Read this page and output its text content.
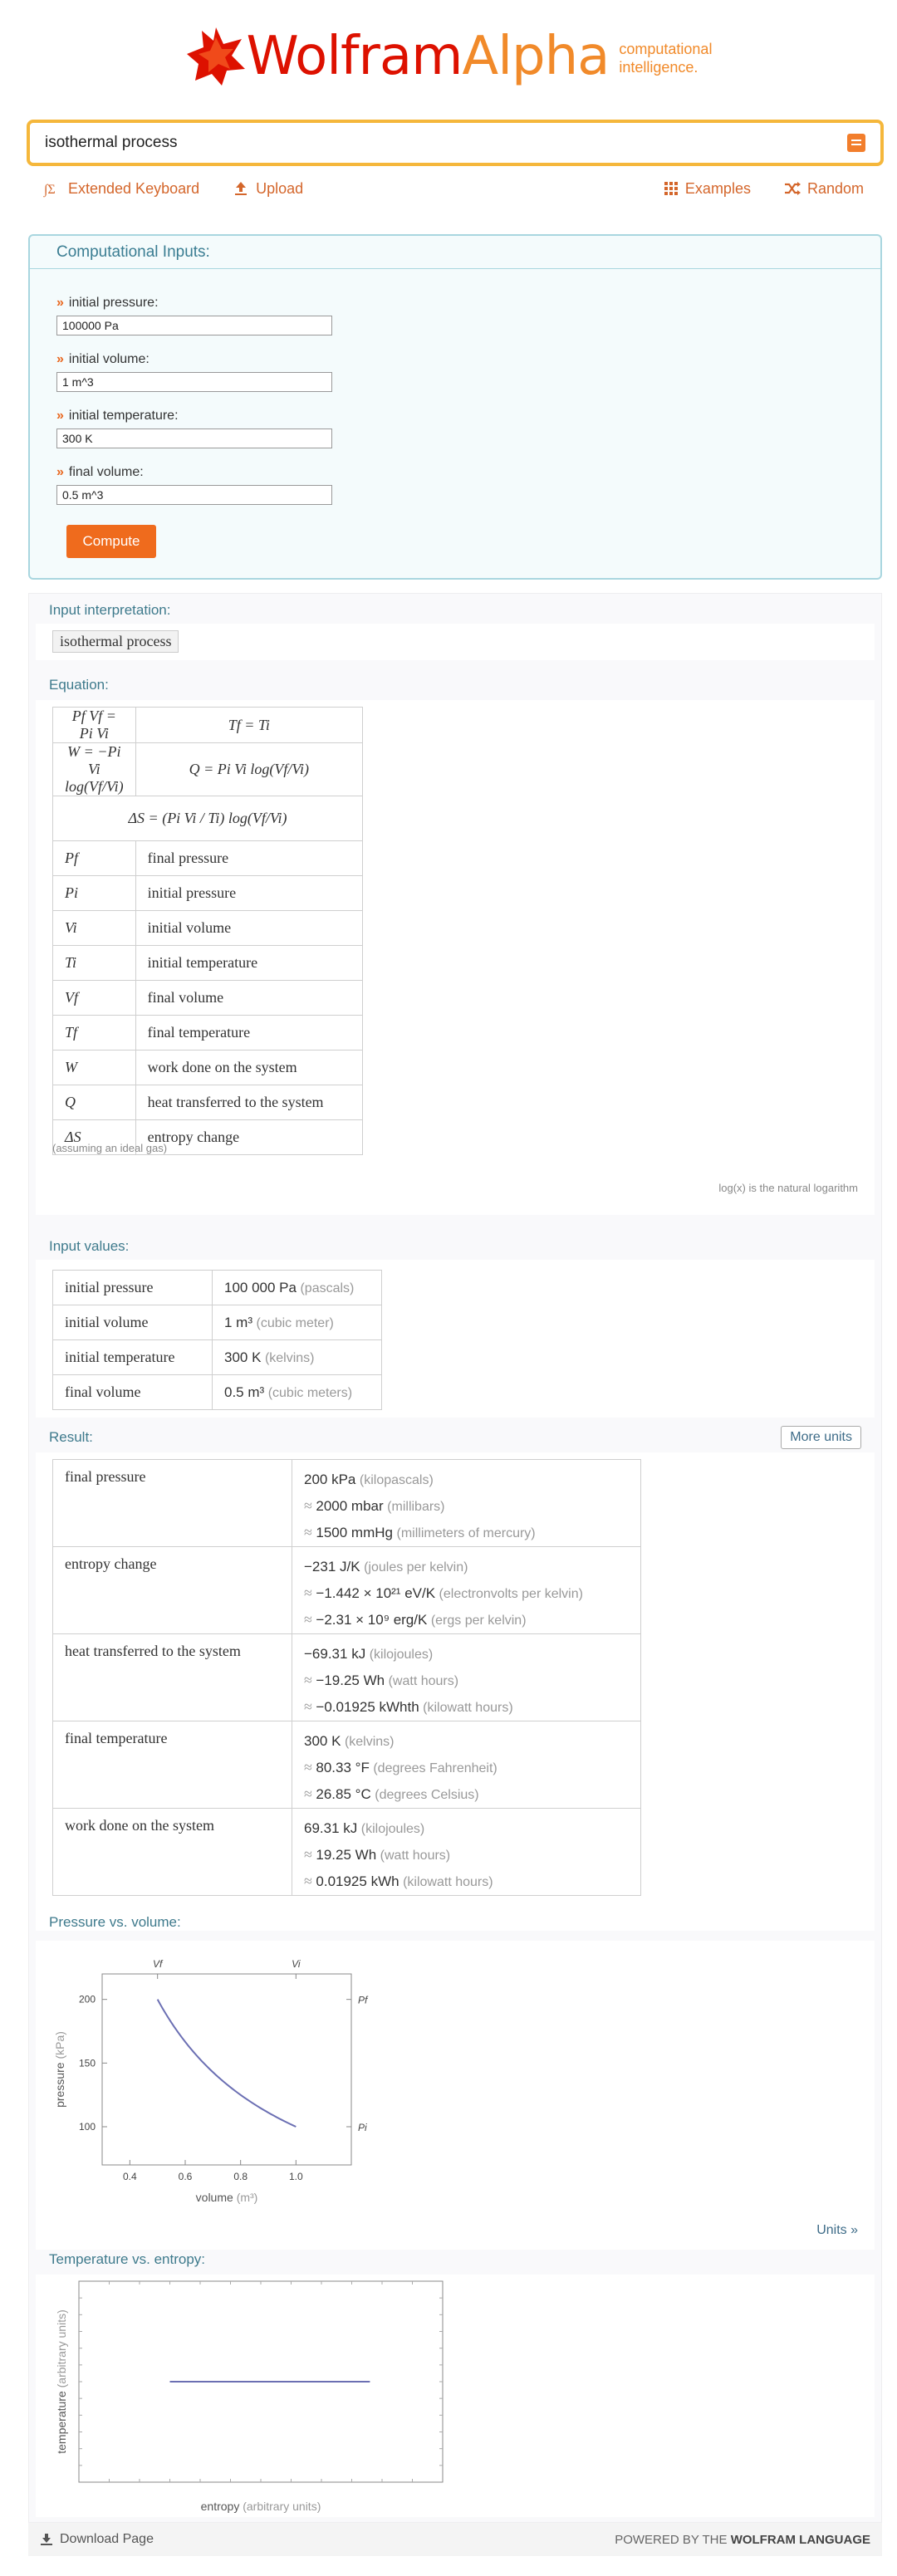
Wolfram Alpha computational
intelligence.
isothermal process
∫Σ Extended Keyboard	Upload	Examples	Random
Computational Inputs:
» initial pressure:
100000 Pa
» initial volume:
1 m^3
» initial temperature:
300 K
» final volume:
0.5 m^3
Compute
Input interpretation:
isothermal process
Equation:
Pf Vf = Pi Vi	Tf = Ti
W = −Pi Vi log(Vf/Vi)	Q = Pi Vi log(Vf/Vi)
ΔS = (Pi Vi / Ti) log(Vf/Vi)	
Pf	final pressure
Pi	initial pressure
Vi	initial volume
Ti	initial temperature
Vf	final volume
Tf	final temperature
W	work done on the system
Q	heat transferred to the system
ΔS	entropy change
(assuming an ideal gas)
log(x) is the natural logarithm
Input values:
initial pressure	100 000 Pa (pascals)
initial volume	1 m³ (cubic meter)
initial temperature	300 K (kelvins)
final volume	0.5 m³ (cubic meters)
Result:	More units
final pressure	200 kPa (kilopascals)
≈ 2000 mbar (millibars)
≈ 1500 mmHg (millimeters of mercury)

entropy change	−231 J/K (joules per kelvin)
≈ −1.442 × 10²¹ eV/K (electronvolts per kelvin)
≈ −2.31 × 10⁹ erg/K (ergs per kelvin)

heat transferred to the system	−69.31 kJ (kilojoules)
≈ −19.25 Wh (watt hours)
≈ −0.01925 kWhth (kilowatt hours)

final temperature	300 K (kelvins)
≈ 80.33 °F (degrees Fahrenheit)
≈ 26.85 °C (degrees Celsius)

work done on the system	69.31 kJ (kilojoules)
≈ 19.25 Wh (watt hours)
≈ 0.01925 kWh (kilowatt hours)
Pressure vs. volume:
0.4	0.6	0.8	1.0
100
150
200
Vf	Vi
Pf
Pi
volume (m³)
pressure (kPa)
Units »
Temperature vs. entropy:
entropy (arbitrary units)
temperature (arbitrary units)
Download Page	POWERED BY THE WOLFRAM LANGUAGE
